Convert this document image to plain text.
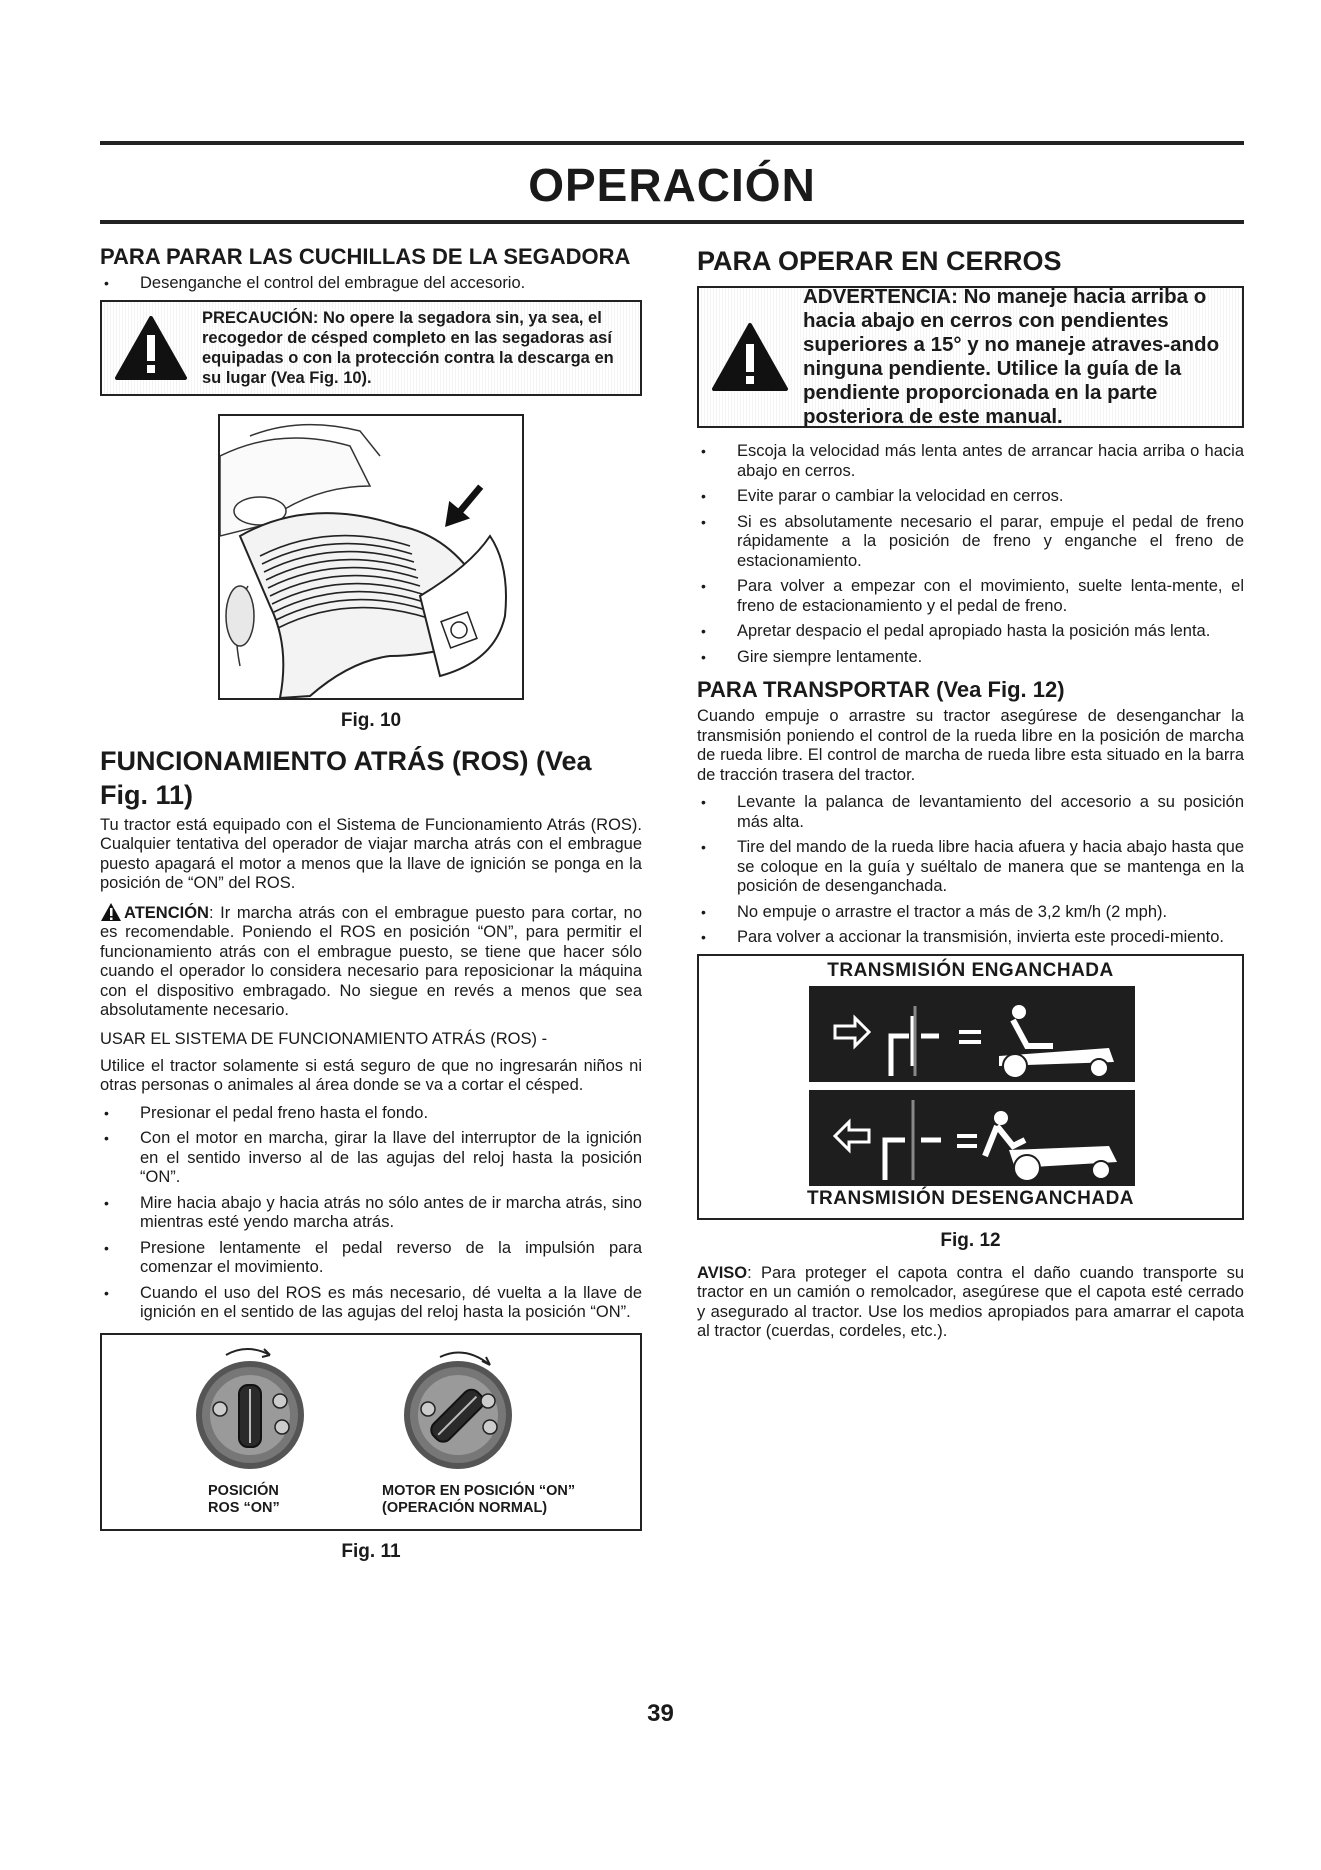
OPERACIÓN
PARA PARAR LAS CUCHILLAS DE LA SEGADORA
• Desenganche el control del embrague del accesorio.
PRECAUCIÓN: No opere la segadora sin, ya sea, el recogedor de césped completo en las segadoras así equipadas o con la protección contra la descarga en su lugar (Vea Fig. 10).
Fig. 10
FUNCIONAMIENTO ATRÁS (ROS) (Vea Fig. 11)

Tu tractor está equipado con el Sistema de Funcionamiento Atrás (ROS). Cualquier tentativa del operador de viajar marcha atrás con el embrague puesto apagará el motor a menos que la llave de ignición se ponga en la posición de “ON” del ROS.

ATENCIÓN: Ir marcha atrás con el embrague puesto para cortar, no es recomendable. Poniendo el ROS en posición “ON”, para permitir el funcionamiento atrás con el embrague puesto, se tiene que hacer sólo cuando el operador lo considera necesario para reposicionar la máquina con el dispositivo embragado. No siegue en revés a menos que sea absolutamente necesario.

USAR EL SISTEMA DE FUNCIONAMIENTO ATRÁS (ROS) -

Utilice el tractor solamente si está seguro de que no ingresarán niños ni otras personas o animales al área donde se va a cortar el césped.

• Presionar el pedal freno hasta el fondo.
• Con el motor en marcha, girar la llave del interruptor de la ignición en el sentido inverso al de las agujas del reloj hasta la posición “ON”.
• Mire hacia abajo y hacia atrás no sólo antes de ir marcha atrás, sino mientras esté yendo marcha atrás.
• Presione lentamente el pedal reverso de la impulsión para comenzar el movimiento.
• Cuando el uso del ROS es más necesario, dé vuelta a la llave de ignición en el sentido de las agujas del reloj hasta la posición “ON”.
POSICIÓN
ROS “ON”
MOTOR EN POSICIÓN “ON”
(OPERACIÓN NORMAL)
Fig. 11
PARA OPERAR EN CERROS
ADVERTENCIA: No maneje hacia arriba o hacia abajo en cerros con pendientes superiores a 15° y no maneje atraves-ando ninguna pendiente. Utilice la guía de la pendiente proporcionada en la parte posteriora de este manual.
• Escoja la velocidad más lenta antes de arrancar hacia arriba o hacia abajo en cerros.
• Evite parar o cambiar la velocidad en cerros.
• Si es absolutamente necesario el parar, empuje el pedal de freno rápidamente a la posición de freno y enganche el freno de estacionamiento.
• Para volver a empezar con el movimiento, suelte lenta-mente, el freno de estacionamiento y el pedal de freno.
• Apretar despacio el pedal apropiado hasta la posición más lenta.
• Gire siempre lentamente.
PARA TRANSPORTAR (Vea Fig. 12)

Cuando empuje o arrastre su tractor asegúrese de desenganchar la transmisión poniendo el control de la rueda libre en la posición de marcha de rueda libre. El control de marcha de rueda libre esta situado en la barra de tracción trasera del tractor.

• Levante la palanca de levantamiento del accesorio a su posición más alta.
• Tire del mando de la rueda libre hacia afuera y hacia abajo hasta que se coloque en la guía y suéltalo de manera que se mantenga en la posición de desenganchada.
• No empuje o arrastre el tractor a más de 3,2 km/h (2 mph).
• Para volver a accionar la transmisión, invierta este procedi-miento.
TRANSMISIÓN ENGANCHADA
TRANSMISIÓN DESENGANCHADA
Fig. 12

AVISO: Para proteger el capota contra el daño cuando transporte su tractor en un camión o remolcador, asegúrese que el capota esté cerrado y asegurado al tractor. Use los medios apropiados para amarrar el capota al tractor (cuerdas, cordeles, etc.).

39
